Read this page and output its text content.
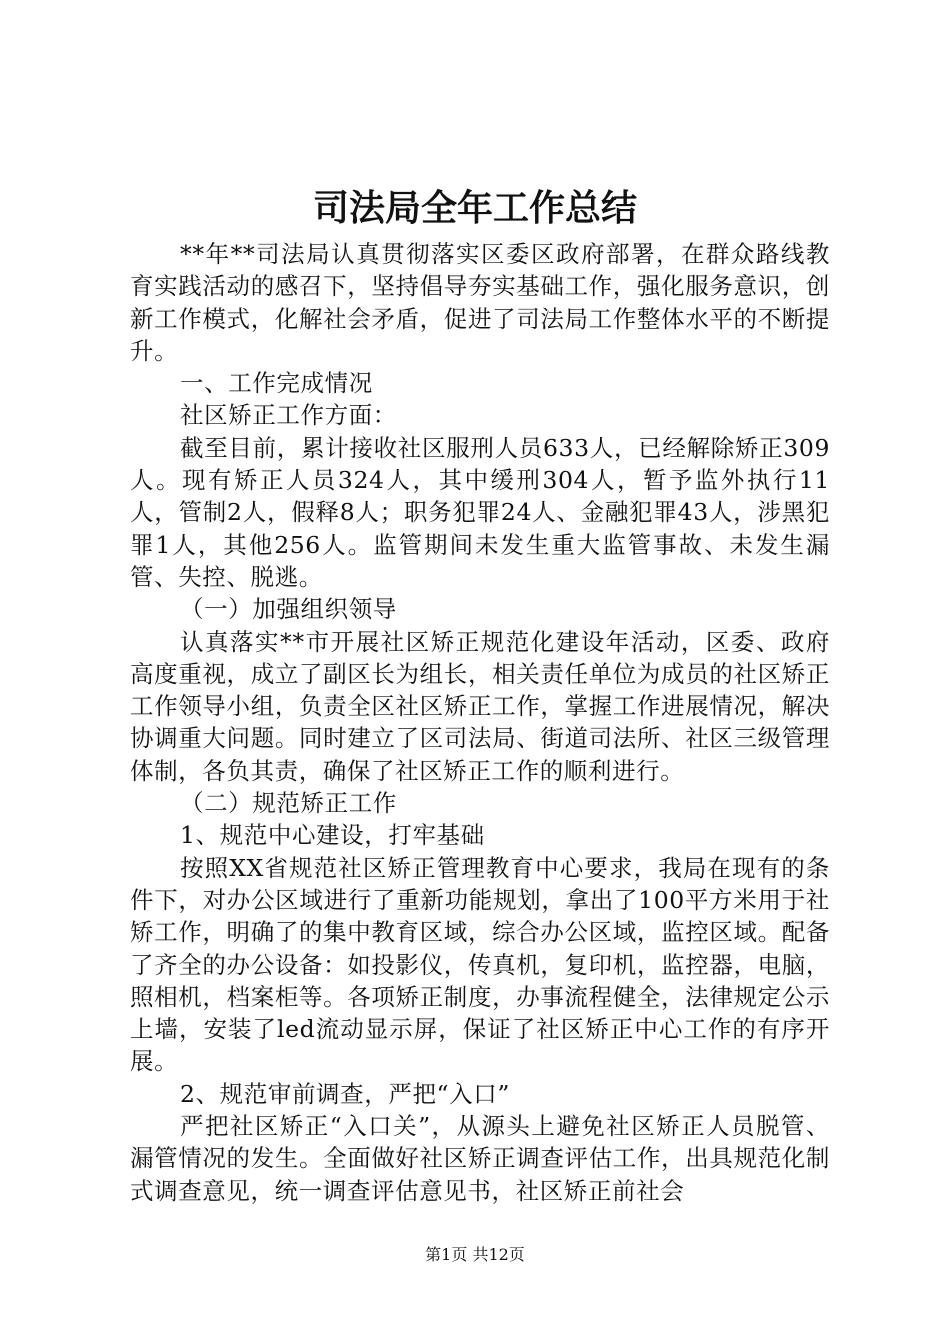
司法局全年工作总结

**年**司法局认真贯彻落实区委区政府部署，在群众路线教育实践活动的感召下，坚持倡导夯实基础工作，强化服务意识，创新工作模式，化解社会矛盾，促进了司法局工作整体水平的不断提升。

一、工作完成情况

社区矫正工作方面：

截至目前，累计接收社区服刑人员633人，已经解除矫正309人。现有矫正人员324人，其中缓刑304人，暂予监外执行11人，管制2人，假释8人；职务犯罪24人、金融犯罪43人，涉黑犯罪1人，其他256人。监管期间未发生重大监管事故、未发生漏管、失控、脱逃。

（一）加强组织领导

认真落实**市开展社区矫正规范化建设年活动，区委、政府高度重视，成立了副区长为组长，相关责任单位为成员的社区矫正工作领导小组，负责全区社区矫正工作，掌握工作进展情况，解决协调重大问题。同时建立了区司法局、街道司法所、社区三级管理体制，各负其责，确保了社区矫正工作的顺利进行。

（二）规范矫正工作

1、规范中心建设，打牢基础

按照XX省规范社区矫正管理教育中心要求，我局在现有的条件下，对办公区域进行了重新功能规划，拿出了100平方米用于社矫工作，明确了的集中教育区域，综合办公区域，监控区域。配备了齐全的办公设备：如投影仪，传真机，复印机，监控器，电脑，照相机，档案柜等。各项矫正制度，办事流程健全，法律规定公示上墙，安装了led流动显示屏，保证了社区矫正中心工作的有序开展。

2、规范审前调查，严把“入口”

严把社区矫正“入口关”，从源头上避免社区矫正人员脱管、漏管情况的发生。全面做好社区矫正调查评估工作，出具规范化制式调查意见，统一调查评估意见书，社区矫正前社会

第1页 共12页
